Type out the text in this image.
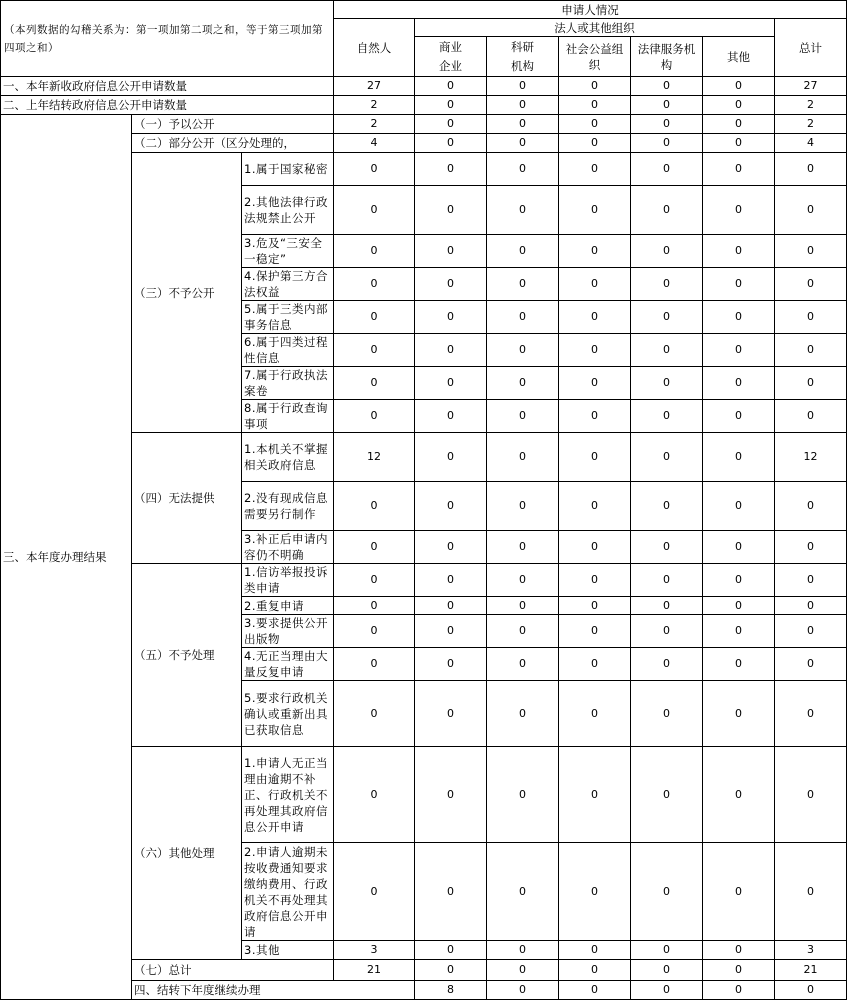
（本列数据的勾稽关系为：第一项加第二项之和，等于第三项加第四项之和）			申请人情况							
			自然人	法人或其他组织					总计	
				商业	科研	社会公益组织	法律服务机构	其他		
				企业	机构					
一、本年新收政府信息公开申请数量			27	0	0	0	0	0	27	
二、上年结转政府信息公开申请数量			2	0	0	0	0	0	2	
三、本年度办理结果	（一）予以公开		2	0	0	0	0	0	2	
	（二）部分公开（区分处理的，		4	0	0	0	0	0	4	
	（三）不予公开	1.属于国家秘密	0	0	0	0	0	0	0	
		2.其他法律行政法规禁止公开	0	0	0	0	0	0	0	
		3.危及“三安全一稳定”	0	0	0	0	0	0	0	
		4.保护第三方合法权益	0	0	0	0	0	0	0	
		5.属于三类内部事务信息	0	0	0	0	0	0	0	
		6.属于四类过程性信息	0	0	0	0	0	0	0	
		7.属于行政执法案卷	0	0	0	0	0	0	0	
		8.属于行政查询事项	0	0	0	0	0	0	0	
	（四）无法提供	1.本机关不掌握相关政府信息	12	0	0	0	0	0	12	
		2.没有现成信息需要另行制作	0	0	0	0	0	0	0	
		3.补正后申请内容仍不明确	0	0	0	0	0	0	0	
	（五）不予处理	1.信访举报投诉类申请	0	0	0	0	0	0	0	
		2.重复申请	0	0	0	0	0	0	0	
		3.要求提供公开出版物	0	0	0	0	0	0	0	
		4.无正当理由大量反复申请	0	0	0	0	0	0	0	
		5.要求行政机关确认或重新出具已获取信息	0	0	0	0	0	0	0	
	（六）其他处理	1.申请人无正当理由逾期不补正、行政机关不再处理其政府信息公开申请	0	0	0	0	0	0	0	
		2.申请人逾期未按收费通知要求缴纳费用、行政机关不再处理其政府信息公开申请	0	0	0	0	0	0	0	
		3.其他	3	0	0	0	0	0	3	
	（七）总计		21	0	0	0	0	0	21	
	四、结转下年度继续办理			8	0	0	0	0	0	
